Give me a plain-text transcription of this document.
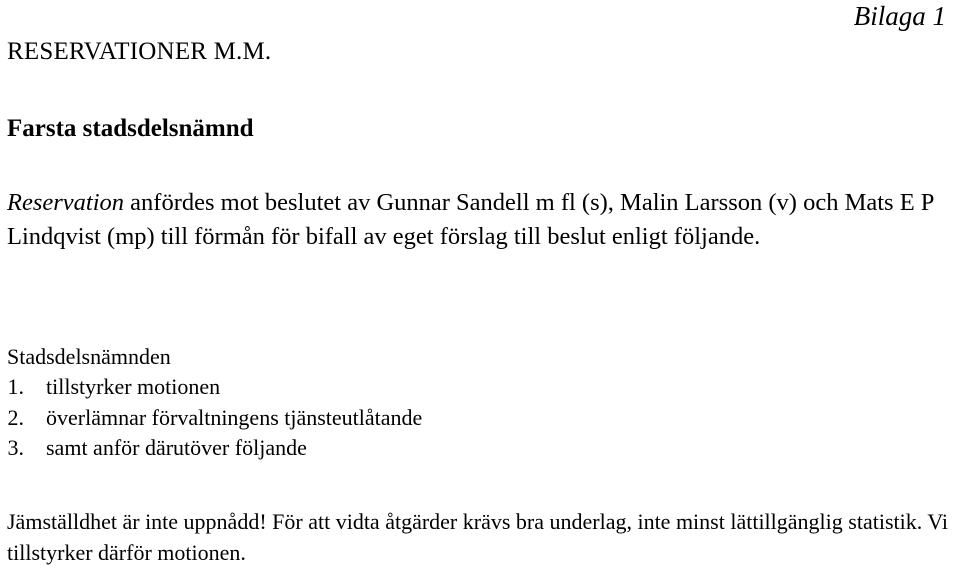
Bilaga 1
RESERVATIONER M.M.
Farsta stadsdelsnämnd

Reservation anfördes mot beslutet av Gunnar Sandell m fl (s), Malin Larsson (v) och Mats E P Lindqvist (mp) till förmån för bifall av eget förslag till beslut enligt följande.

Stadsdelsnämnden
1.	tillstyrker motionen
2.	överlämnar förvaltningens tjänsteutlåtande
3.	samt anför därutöver följande

Jämställdhet är inte uppnådd! För att vidta åtgärder krävs bra underlag, inte minst lättillgänglig statistik. Vi tillstyrker därför motionen.
